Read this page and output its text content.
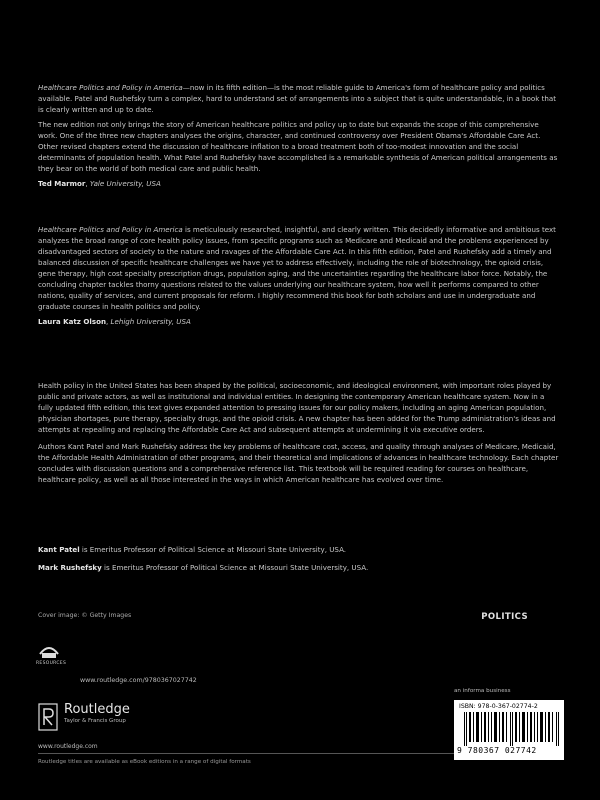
Healthcare Politics and Policy in America—now in its fifth edition—is the most reliable guide to America's form of healthcare policy and politics available. Patel and Rushefsky turn a complex, hard to understand set of arrangements into a subject that is quite understandable, in a book that is clearly written and up to date.

The new edition not only brings the story of American healthcare politics and policy up to date but expands the scope of this comprehensive work. One of the three new chapters analyses the origins, character, and continued controversy over President Obama's Affordable Care Act. Other revised chapters extend the discussion of healthcare inflation to a broad treatment both of too-modest innovation and the social determinants of population health. What Patel and Rushefsky have accomplished is a remarkable synthesis of American political arrangements as they bear on the world of both medical care and public health.

Ted Marmor, Yale University, USA

Healthcare Politics and Policy in America is meticulously researched, insightful, and clearly written. This decidedly informative and ambitious text analyzes the broad range of core health policy issues, from specific programs such as Medicare and Medicaid and the problems experienced by disadvantaged sectors of society to the nature and ravages of the Affordable Care Act. In this fifth edition, Patel and Rushefsky add a timely and balanced discussion of specific healthcare challenges we have yet to address effectively, including the role of biotechnology, the opioid crisis, gene therapy, high cost specialty prescription drugs, population aging, and the uncertainties regarding the healthcare labor force. Notably, the concluding chapter tackles thorny questions related to the values underlying our healthcare system, how well it performs compared to other nations, quality of services, and current proposals for reform. I highly recommend this book for both scholars and use in undergraduate and graduate courses in health politics and policy.

Laura Katz Olson, Lehigh University, USA

Health policy in the United States has been shaped by the political, socioeconomic, and ideological environment, with important roles played by public and private actors, as well as institutional and individual entities. In designing the contemporary American healthcare system. Now in a fully updated fifth edition, this text gives expanded attention to pressing issues for our policy makers, including an aging American population, physician shortages, pure therapy, specialty drugs, and the opioid crisis. A new chapter has been added for the Trump administration's ideas and attempts at repealing and replacing the Affordable Care Act and subsequent attempts at undermining it via executive orders.

Authors Kant Patel and Mark Rushefsky address the key problems of healthcare cost, access, and quality through analyses of Medicare, Medicaid, the Affordable Health Administration of other programs, and their theoretical and implications of advances in healthcare technology. Each chapter concludes with discussion questions and a comprehensive reference list. This textbook will be required reading for courses on healthcare, healthcare policy, as well as all those interested in the ways in which American healthcare has evolved over time.

Kant Patel is Emeritus Professor of Political Science at Missouri State University, USA.
Mark Rushefsky is Emeritus Professor of Political Science at Missouri State University, USA.
Cover image: © Getty Images	POLITICS
RESOURCES
www.routledge.com/9780367027742
Routledge
Taylor & Francis Group
www.routledge.com
Routledge titles are available as eBook editions in a range of digital formats
an informa business
ISBN: 978-0-367-02774-2
9 780367 027742
